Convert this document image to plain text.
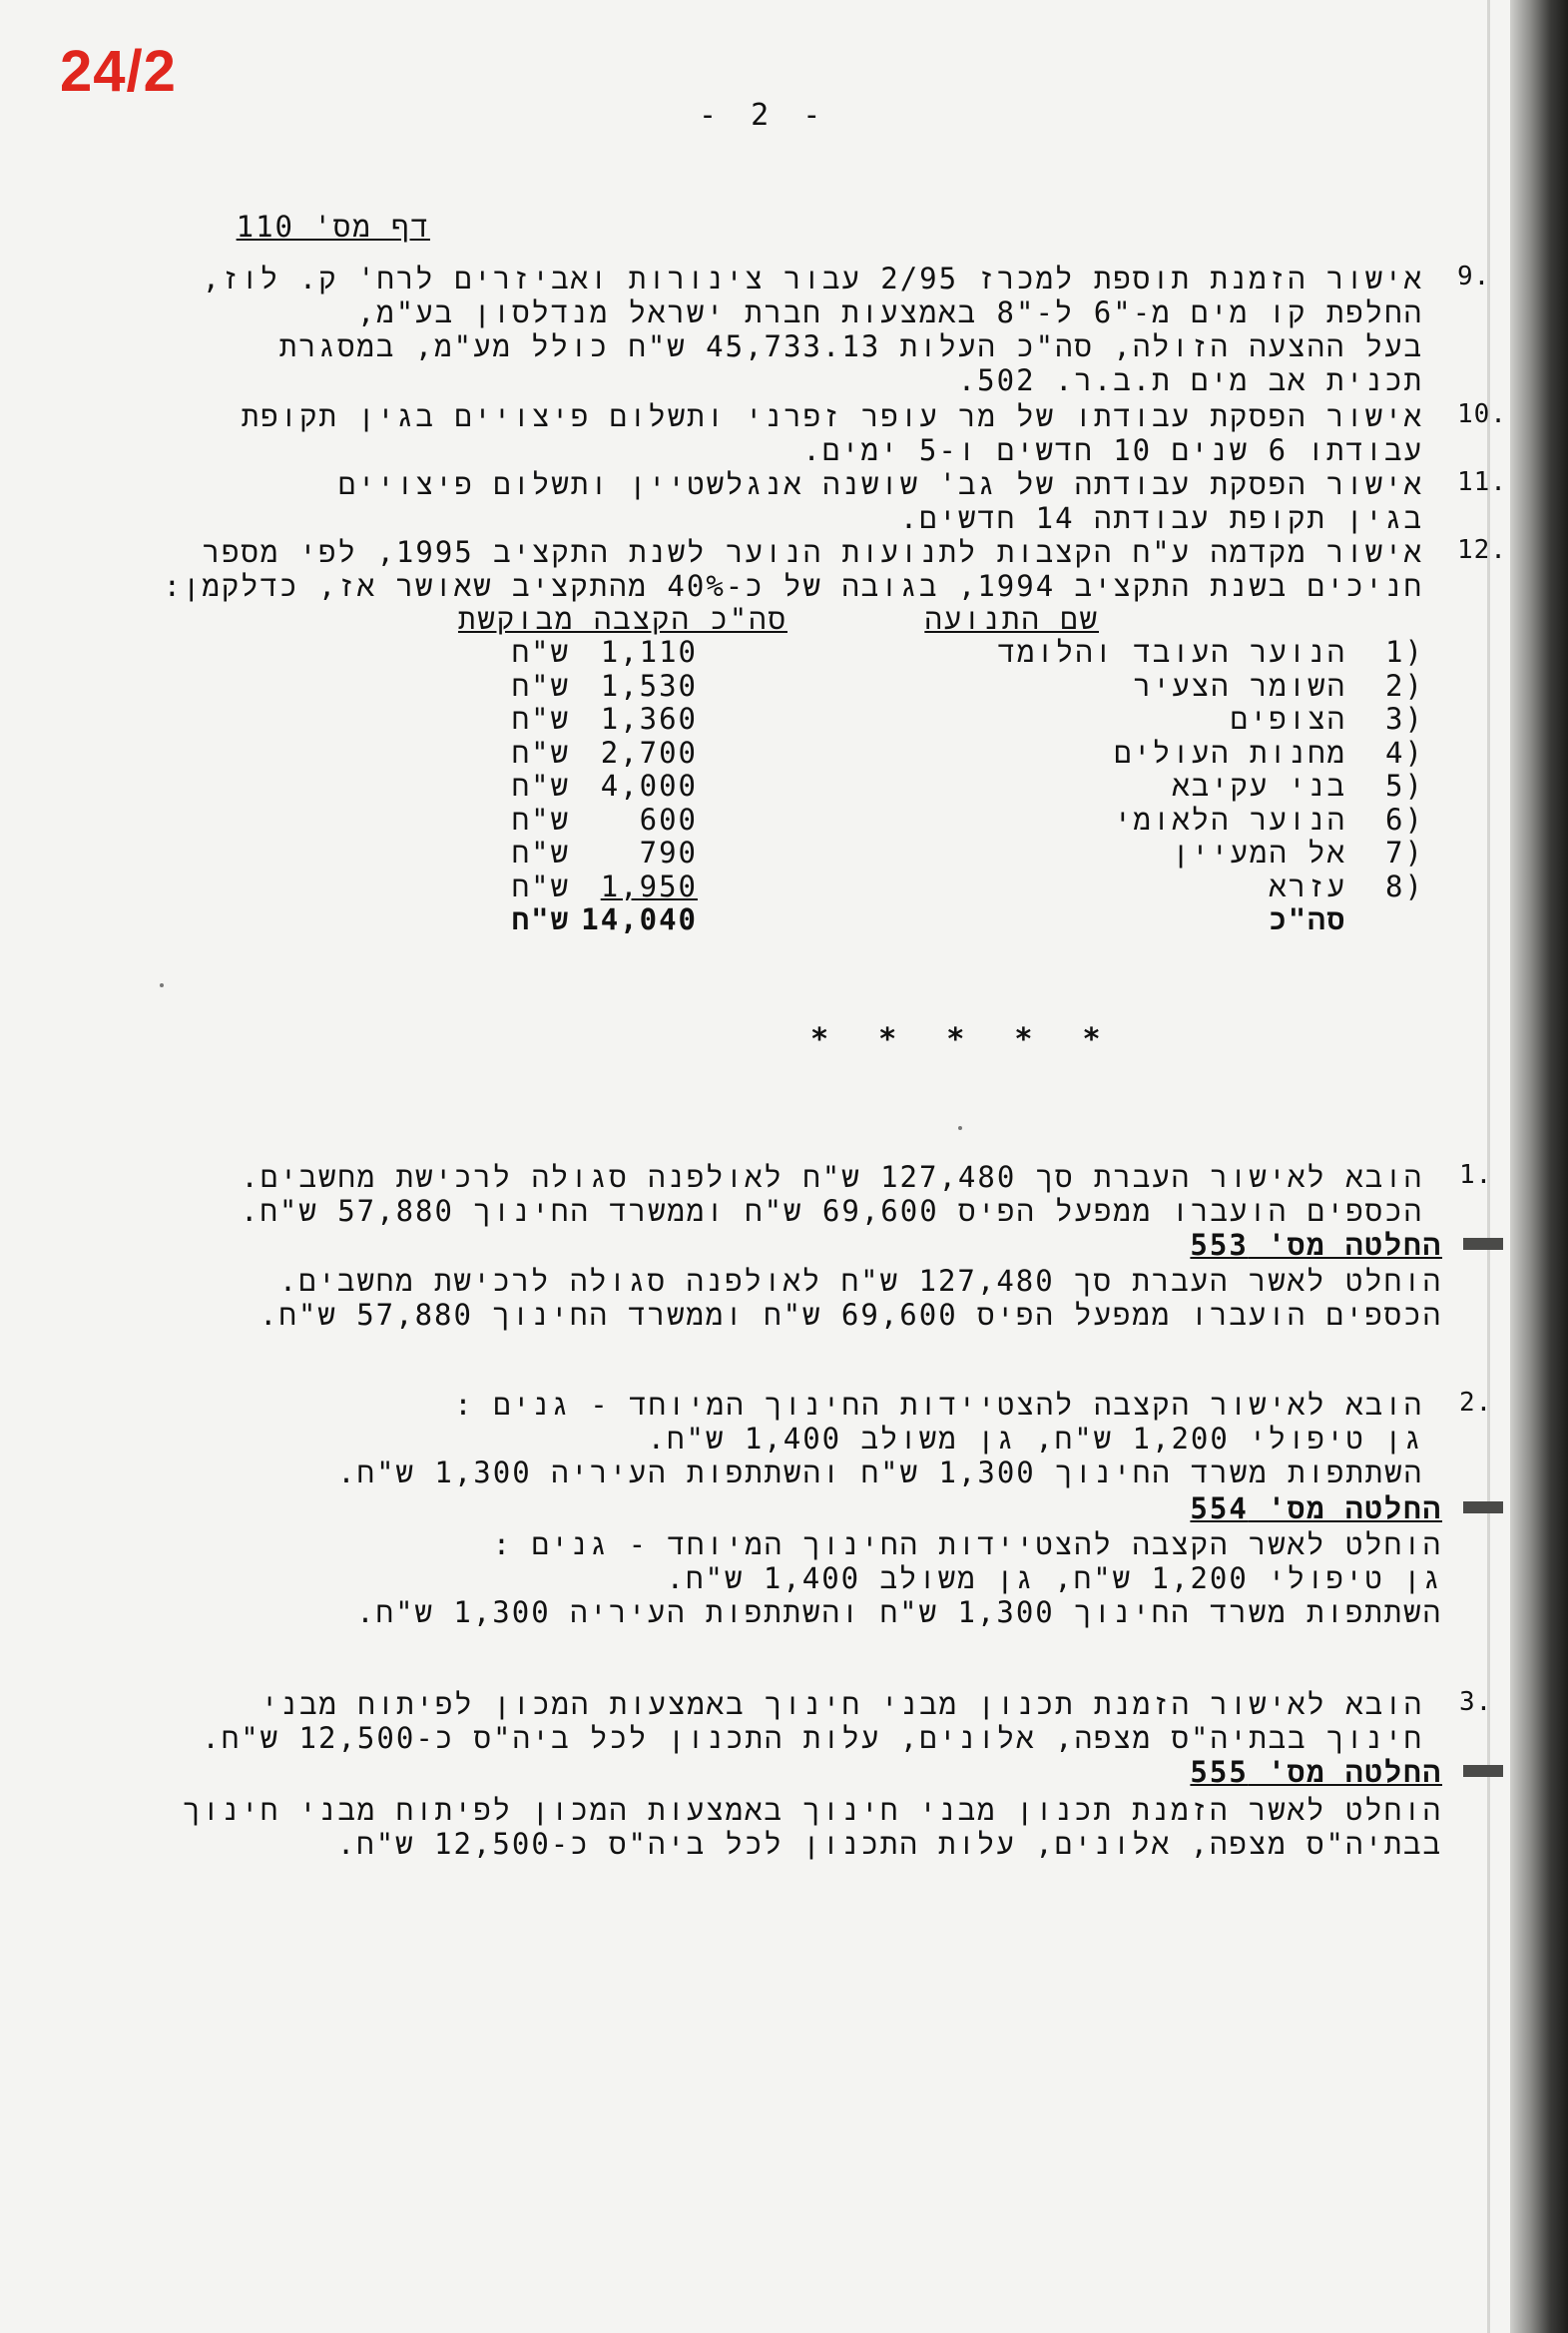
24/2
- 2 -
דף מס' 110
9.
אישור הזמנת תוספת למכרז 2/95 עבור צינורות ואביזרים לרח' ק. לוז,
החלפת קו מים מ-"6 ל-"8 באמצעות חברת ישראל מנדלסון בע"מ,
בעל ההצעה הזולה, סה"כ העלות 45,733.13 ש"ח כולל מע"מ, במסגרת
תכנית אב מים ת.ב.ר. 502.
10.
אישור הפסקת עבודתו של מר עופר זפרני ותשלום פיצויים בגין תקופת
עבודתו 6 שנים 10 חדשים ו-5 ימים.
11.
אישור הפסקת עבודתה של גב' שושנה אנגלשטיין ותשלום פיצויים
בגין תקופת עבודתה 14 חדשים.
12.
אישור מקדמה ע"ח הקצבות לתנועות הנוער לשנת התקציב 1995, לפי מספר
חניכים בשנת התקציב 1994, בגובה של כ-40% מהתקציב שאושר אז, כדלקמן:
שם התנועה
סה"כ הקצבה מבוקשת
1)
הנוער העובד והלומד
1,110
ש"ח
2)
השומר הצעיר
1,530
ש"ח
3)
הצופים
1,360
ש"ח
4)
מחנות העולים
2,700
ש"ח
5)
בני עקיבא
4,000
ש"ח
6)
הנוער הלאומי
600
ש"ח
7)
אל המעיין
790
ש"ח
8)
עזרא
1,950
ש"ח
סה"כ
14,040
ש"ח
* * * * *
1.
הובא לאישור העברת סך 127,480 ש"ח לאולפנה סגולה לרכישת מחשבים.
הכספים הועברו ממפעל הפיס 69,600 ש"ח וממשרד החינוך 57,880 ש"ח.
החלטה מס' 553
הוחלט לאשר העברת סך 127,480 ש"ח לאולפנה סגולה לרכישת מחשבים.
הכספים הועברו ממפעל הפיס 69,600 ש"ח וממשרד החינוך 57,880 ש"ח.
2.
הובא לאישור הקצבה להצטיידות החינוך המיוחד - גנים :
גן טיפולי 1,200 ש"ח, גן משולב 1,400 ש"ח.
השתתפות משרד החינוך 1,300 ש"ח והשתתפות העיריה 1,300 ש"ח.
החלטה מס' 554
הוחלט לאשר הקצבה להצטיידות החינוך המיוחד - גנים :
גן טיפולי 1,200 ש"ח, גן משולב 1,400 ש"ח.
השתתפות משרד החינוך 1,300 ש"ח והשתתפות העיריה 1,300 ש"ח.
3.
הובא לאישור הזמנת תכנון מבני חינוך באמצעות המכון לפיתוח מבני
חינוך בבתיה"ס מצפה, אלונים, עלות התכנון לכל ביה"ס כ-12,500 ש"ח.
החלטה מס' 555
הוחלט לאשר הזמנת תכנון מבני חינוך באמצעות המכון לפיתוח מבני חינוך
בבתיה"ס מצפה, אלונים, עלות התכנון לכל ביה"ס כ-12,500 ש"ח.
